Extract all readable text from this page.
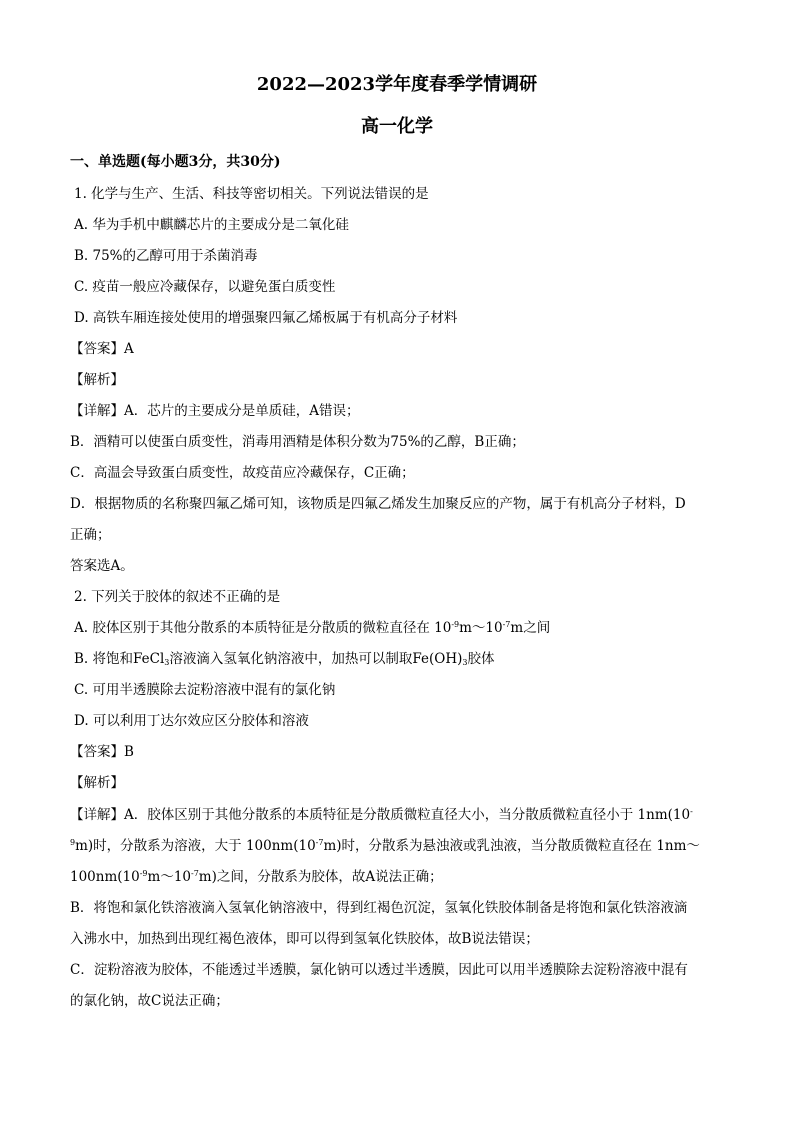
2022—2023学年度春季学情调研
高一化学
一、单选题(每小题3分，共30分)
1. 化学与生产、生活、科技等密切相关。下列说法错误的是
A. 华为手机中麒麟芯片的主要成分是二氧化硅
B. 75%的乙醇可用于杀菌消毒
C. 疫苗一般应冷藏保存，以避免蛋白质变性
D. 高铁车厢连接处使用的增强聚四氟乙烯板属于有机高分子材料
【答案】A
【解析】
【详解】A．芯片的主要成分是单质硅，A错误；
B．酒精可以使蛋白质变性，消毒用酒精是体积分数为75%的乙醇，B正确；
C．高温会导致蛋白质变性，故疫苗应冷藏保存，C正确；
D．根据物质的名称聚四氟乙烯可知，该物质是四氟乙烯发生加聚反应的产物，属于有机高分子材料，D
正确；
答案选A。
2. 下列关于胶体的叙述不正确的是
A. 胶体区别于其他分散系的本质特征是分散质的微粒直径在 $10^{-9}m\sim 10^{-7}m$之间
B. 将饱和FeCl$_3$溶液滴入氢氧化钠溶液中，加热可以制取$Fe(OH)_3$胶体
C. 可用半透膜除去淀粉溶液中混有的氯化钠
D. 可以利用丁达尔效应区分胶体和溶液
【答案】B
【解析】
【详解】A．胶体区别于其他分散系的本质特征是分散质微粒直径大小，当分散质微粒直径小于 1nm(10-
$^9$m)时，分散系为溶液，大于 $100nm(10^{-7}m)$时，分散系为悬浊液或乳浊液，当分散质微粒直径在 1nm～
$100nm(10^{-9}m\sim 10^{-7}m)$之间，分散系为胶体，故A说法正确；
B．将饱和氯化铁溶液滴入氢氧化钠溶液中，得到红褐色沉淀，氢氧化铁胶体制备是将饱和氯化铁溶液滴
入沸水中，加热到出现红褐色液体，即可以得到氢氧化铁胶体，故B说法错误；
C．淀粉溶液为胶体，不能透过半透膜，氯化钠可以透过半透膜，因此可以用半透膜除去淀粉溶液中混有
的氯化钠，故C说法正确；
